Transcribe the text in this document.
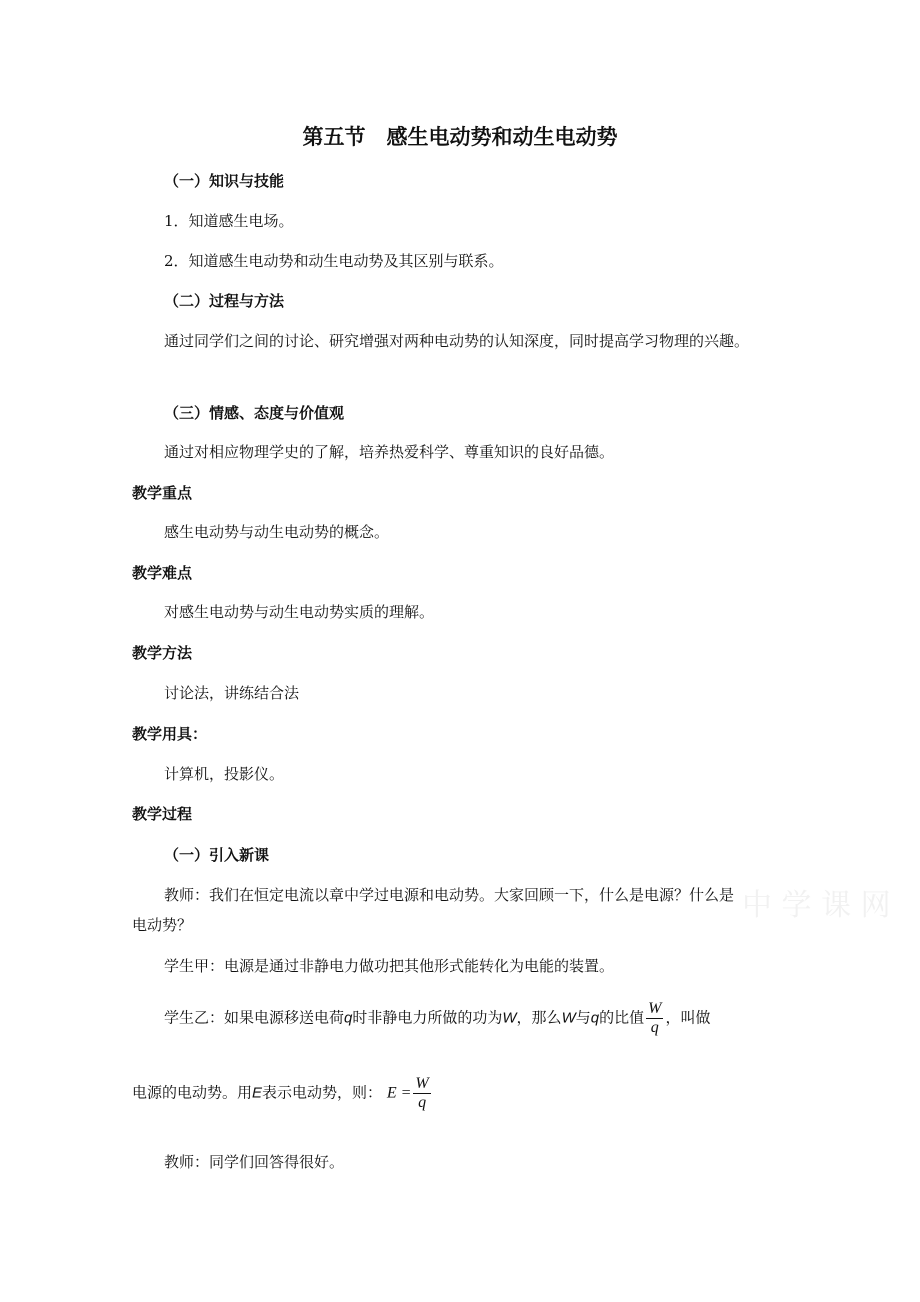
第五节　感生电动势和动生电动势
（一）知识与技能
1．知道感生电场。
2．知道感生电动势和动生电动势及其区别与联系。
（二）过程与方法
通过同学们之间的讨论、研究增强对两种电动势的认知深度，同时提高学习物理的兴趣。
（三）情感、态度与价值观
通过对相应物理学史的了解，培养热爱科学、尊重知识的良好品德。
教学重点
感生电动势与动生电动势的概念。
教学难点
对感生电动势与动生电动势实质的理解。
教学方法
讨论法，讲练结合法
教学用具：
计算机，投影仪。
教学过程
（一）引入新课
教师：我们在恒定电流以章中学过电源和电动势。大家回顾一下，什么是电源？什么是
电动势？
学生甲：电源是通过非静电力做功把其他形式能转化为电能的装置。
学生乙：如果电源移送电荷q时非静电力所做的功为W，那么W与q的比值 $\frac{W}{q}$ ，叫做
电源的电动势。用E表示电动势，则： $E = \frac{W}{q}$
教师：同学们回答得很好。
中 学 课 网
